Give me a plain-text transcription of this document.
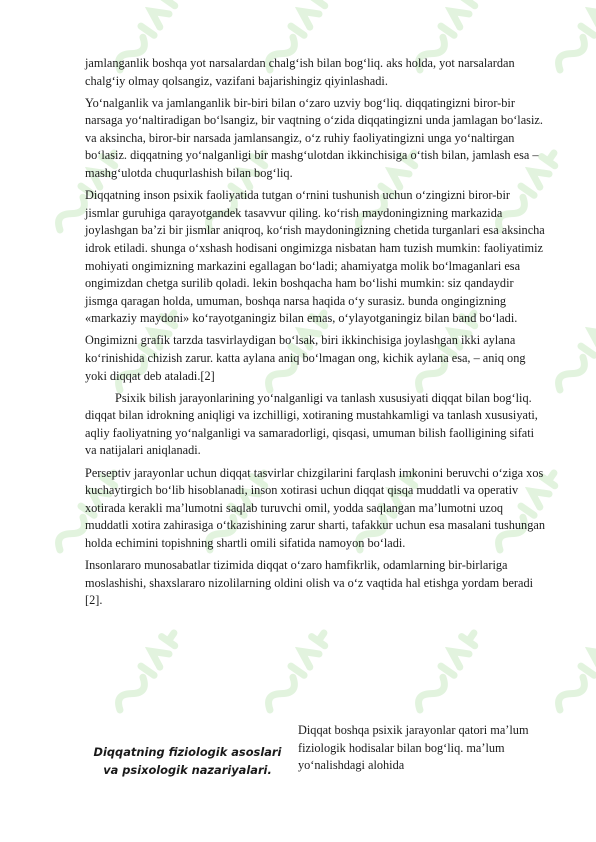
jamlanganlik boshqa yot narsalardan chalg‘ish bilan bog‘liq. aks holda, yot narsalardan chalg‘iy olmay qolsangiz, vazifani bajarishingiz qiyinlashadi.

Yo‘nalganlik va jamlanganlik bir-biri bilan o‘zaro uzviy bog‘liq. diqqatingizni biror-bir narsaga yo‘naltiradigan bo‘lsangiz, bir vaqtning o‘zida diqqatingizni unda jamlagan bo‘lasiz. va aksincha, biror-bir narsada jamlansangiz, o‘z ruhiy faoliyatingizni unga yo‘naltirgan bo‘lasiz. diqqatning yo‘nalganligi bir mashg‘ulotdan ikkinchisiga o‘tish bilan, jamlash esa – mashg‘ulotda chuqurlashish bilan bog‘liq.

Diqqatning inson psixik faoliyatida tutgan o‘rnini tushunish uchun o‘zingizni biror-bir jismlar guruhiga qarayotgandek tasavvur qiling. ko‘rish maydoningizning markazida joylashgan ba’zi bir jismlar aniqroq, ko‘rish maydoningizning chetida turganlari esa aksincha idrok etiladi. shunga o‘xshash hodisani ongimizga nisbatan ham tuzish mumkin: faoliyatimiz mohiyati ongimizning markazini egallagan bo‘ladi; ahamiyatga molik bo‘lmaganlari esa ongimizdan chetga surilib qoladi. lekin boshqacha ham bo‘lishi mumkin: siz qandaydir jismga qaragan holda, umuman, boshqa narsa haqida o‘y surasiz. bunda ongingizning «markaziy maydoni» ko‘rayotganingiz bilan emas, o‘ylayotganingiz bilan band bo‘ladi.

Ongimizni grafik tarzda tasvirlaydigan bo‘lsak, biri ikkinchisiga joylashgan ikki aylana ko‘rinishida chizish zarur. katta aylana aniq bo‘lmagan ong, kichik aylana esa, – aniq ong yoki diqqat deb ataladi.[2]

Psixik bilish jarayonlarining yo‘nalganligi va tanlash xususiyati diqqat bilan bog‘liq. diqqat bilan idrokning aniqligi va izchilligi, xotiraning mustahkamligi va tanlash xususiyati, aqliy faoliyatning yo‘nalganligi va samaradorligi, qisqasi, umuman bilish faolligining sifati va natijalari aniqlanadi.

Perseptiv jarayonlar uchun diqqat tasvirlar chizgilarini farqlash imkonini beruvchi o‘ziga xos kuchaytirgich bo‘lib hisoblanadi, inson xotirasi uchun diqqat qisqa muddatli va operativ xotirada kerakli ma’lumotni saqlab turuvchi omil, yodda saqlangan ma’lumotni uzoq muddatli xotira zahirasiga o‘tkazishining zarur sharti, tafakkur uchun esa masalani tushungan holda echimini topishning shartli omili sifatida namoyon bo‘ladi.

Insonlararo munosabatlar tizimida diqqat o‘zaro hamfikrlik, odamlarning bir-birlariga moslashishi, shaxslararo nizolilarning oldini olish va o‘z vaqtida hal etishga yordam beradi [2].

Diqqatning fiziologik asoslari va psixologik nazariyalari.
Diqqat boshqa psixik jarayonlar qatori ma’lum fiziologik hodisalar bilan bog‘liq. ma’lum yo‘nalishdagi alohida
